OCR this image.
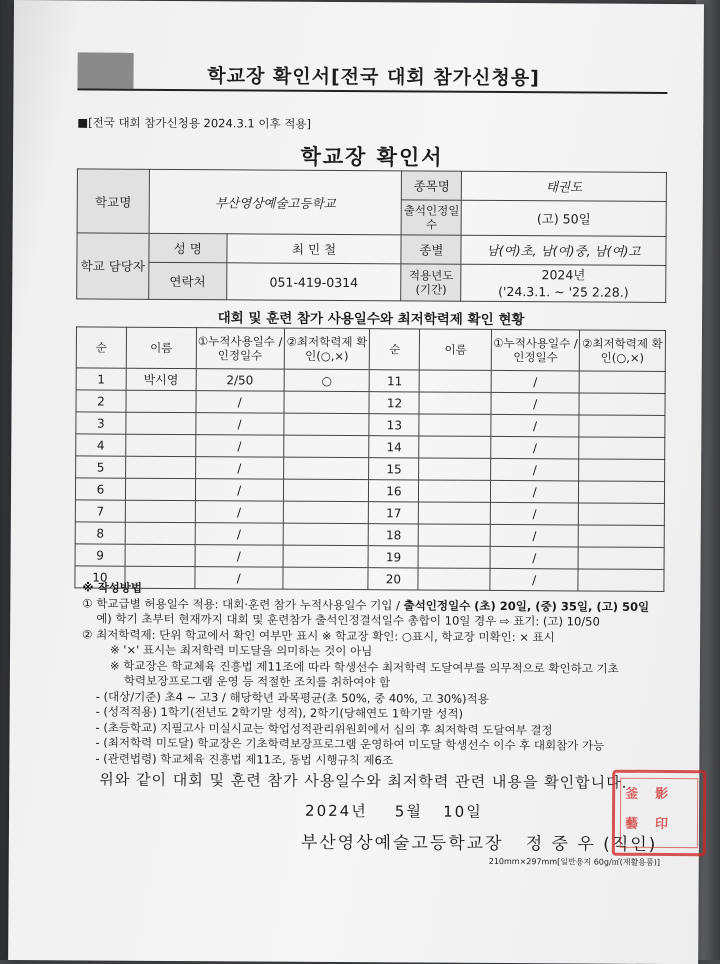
학교장 확인서[전국 대회 참가신청용]
■[전국 대회 참가신청용 2024.3.1 이후 적용]
학교장 확인서
학교명	부산영상예술고등학교		종목명	태권도
			출석인정일수	(고) 50일
학교 담당자	성 명	최 민 철	종별	남(여)초, 남(여)중, 남(여)고
	연락처	051-419-0314	적용년도 (기간)	2024년
('24.3.1. ~ '25 2.28.)
대회 및 훈련 참가 사용일수와 최저학력제 확인 현황
순	이름	①누적사용일수 /인정일수	②최저학력제 확인(○,×)	순	이름	①누적사용일수 /인정일수	②최저학력제 확인(○,×)
1	박시영	2/50	○	11		/	
2		/		12		/	
3		/		13		/	
4		/		14		/	
5		/		15		/	
6		/		16		/	
7		/		17		/	
8		/		18		/	
9		/		19		/	
10		/		20		/	
※ 작성방법
① 학교급별 허용일수 적용: 대회·훈련 참가 누적사용일수 기입 / 출석인정일수 (초) 20일, (중) 35일, (고) 50일
예) 학기 초부터 현재까지 대회 및 훈련참가 출석인정결석일수 총합이 10일 경우 ⇨ 표기: (고) 10/50
② 최저학력제: 단위 학교에서 확인 여부만 표시 ※ 학교장 확인: ○표시, 학교장 미확인: × 표시
※ '×' 표시는 최저학력 미도달을 의미하는 것이 아님
※ 학교장은 학교체육 진흥법 제11조에 따라 학생선수 최저학력 도달여부를 의무적으로 확인하고 기초
학력보장프로그램 운영 등 적절한 조치를 취하여야 함
- (대상/기준) 초4 ~ 고3 / 해당학년 과목평균(초 50%, 중 40%, 고 30%)적용
- (성적적용) 1학기(전년도 2학기말 성적), 2학기(당해연도 1학기말 성적)
- (초등학교) 지필고사 미실시교는 학업성적관리위원회에서 심의 후 최저학력 도달여부 결정
- (최저학력 미도달) 학교장은 기초학력보장프로그램 운영하여 미도달 학생선수 이수 후 대회참가 가능
- (관련법령) 학교체육 진흥법 제11조, 동법 시행규칙 제6조
위와 같이 대회 및 훈련 참가 사용일수와 최저학력 관련 내용을 확인합니다.
2024년 5월 10일
부산영상예술고등학교장 정 중 우 (직인)
釜 影
藝 印
210mm×297mm[일반용지 60g/㎡(재활용품)]
